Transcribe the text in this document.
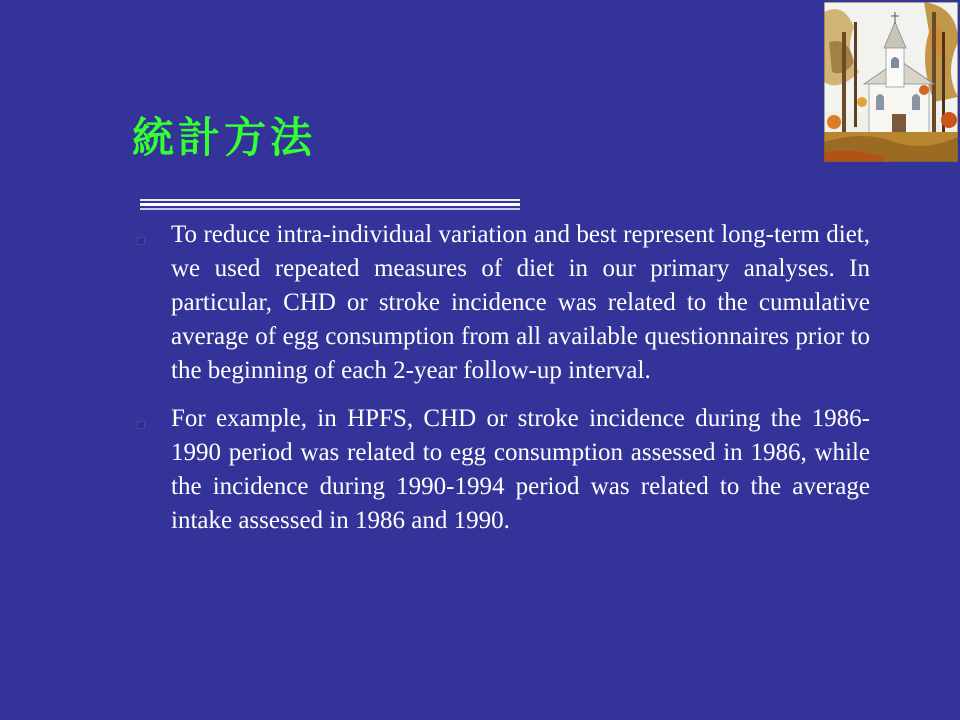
統計方法
To reduce intra-individual variation and best represent long-term diet, we used repeated measures of diet in our primary analyses. In particular, CHD or stroke incidence was related to the cumulative average of egg consumption from all available questionnaires prior to the beginning of each 2-year follow-up interval.
For example, in HPFS, CHD or stroke incidence during the 1986-1990 period was related to egg consumption assessed in 1986, while the incidence during 1990-1994 period was related to the average intake assessed in 1986 and 1990.
